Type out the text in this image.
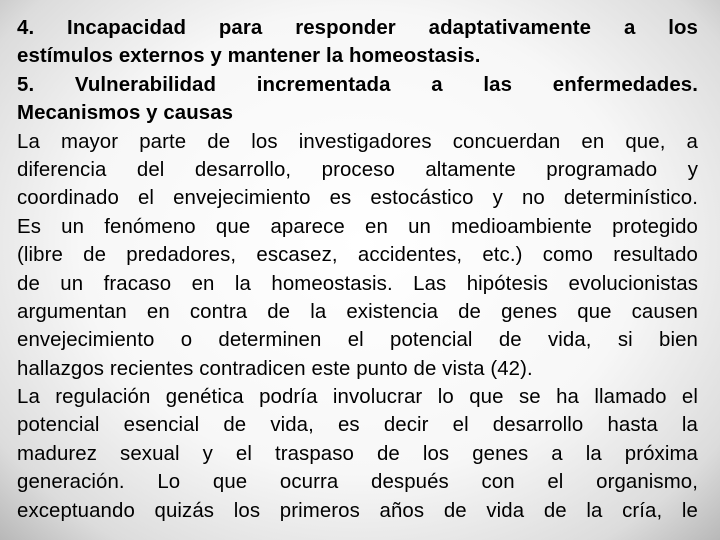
4. Incapacidad para responder adaptativamente a los
estímulos externos y mantener la homeostasis.
5. Vulnerabilidad incrementada a las enfermedades.
Mecanismos y causas
La mayor parte de los investigadores concuerdan en que, a
diferencia del desarrollo, proceso altamente programado y
coordinado el envejecimiento es estocástico y no determinístico.
Es un fenómeno que aparece en un medioambiente protegido
(libre de predadores, escasez, accidentes, etc.) como resultado
de un fracaso en la homeostasis. Las hipótesis evolucionistas
argumentan en contra de la existencia de genes que causen
envejecimiento o determinen el potencial de vida, si bien
hallazgos recientes contradicen este punto de vista (42).
La regulación genética podría involucrar lo que se ha llamado el
potencial esencial de vida, es decir el desarrollo hasta la
madurez sexual y el traspaso de los genes a la próxima
generación. Lo que ocurra después con el organismo,
exceptuando quizás los primeros años de vida de la cría, le
